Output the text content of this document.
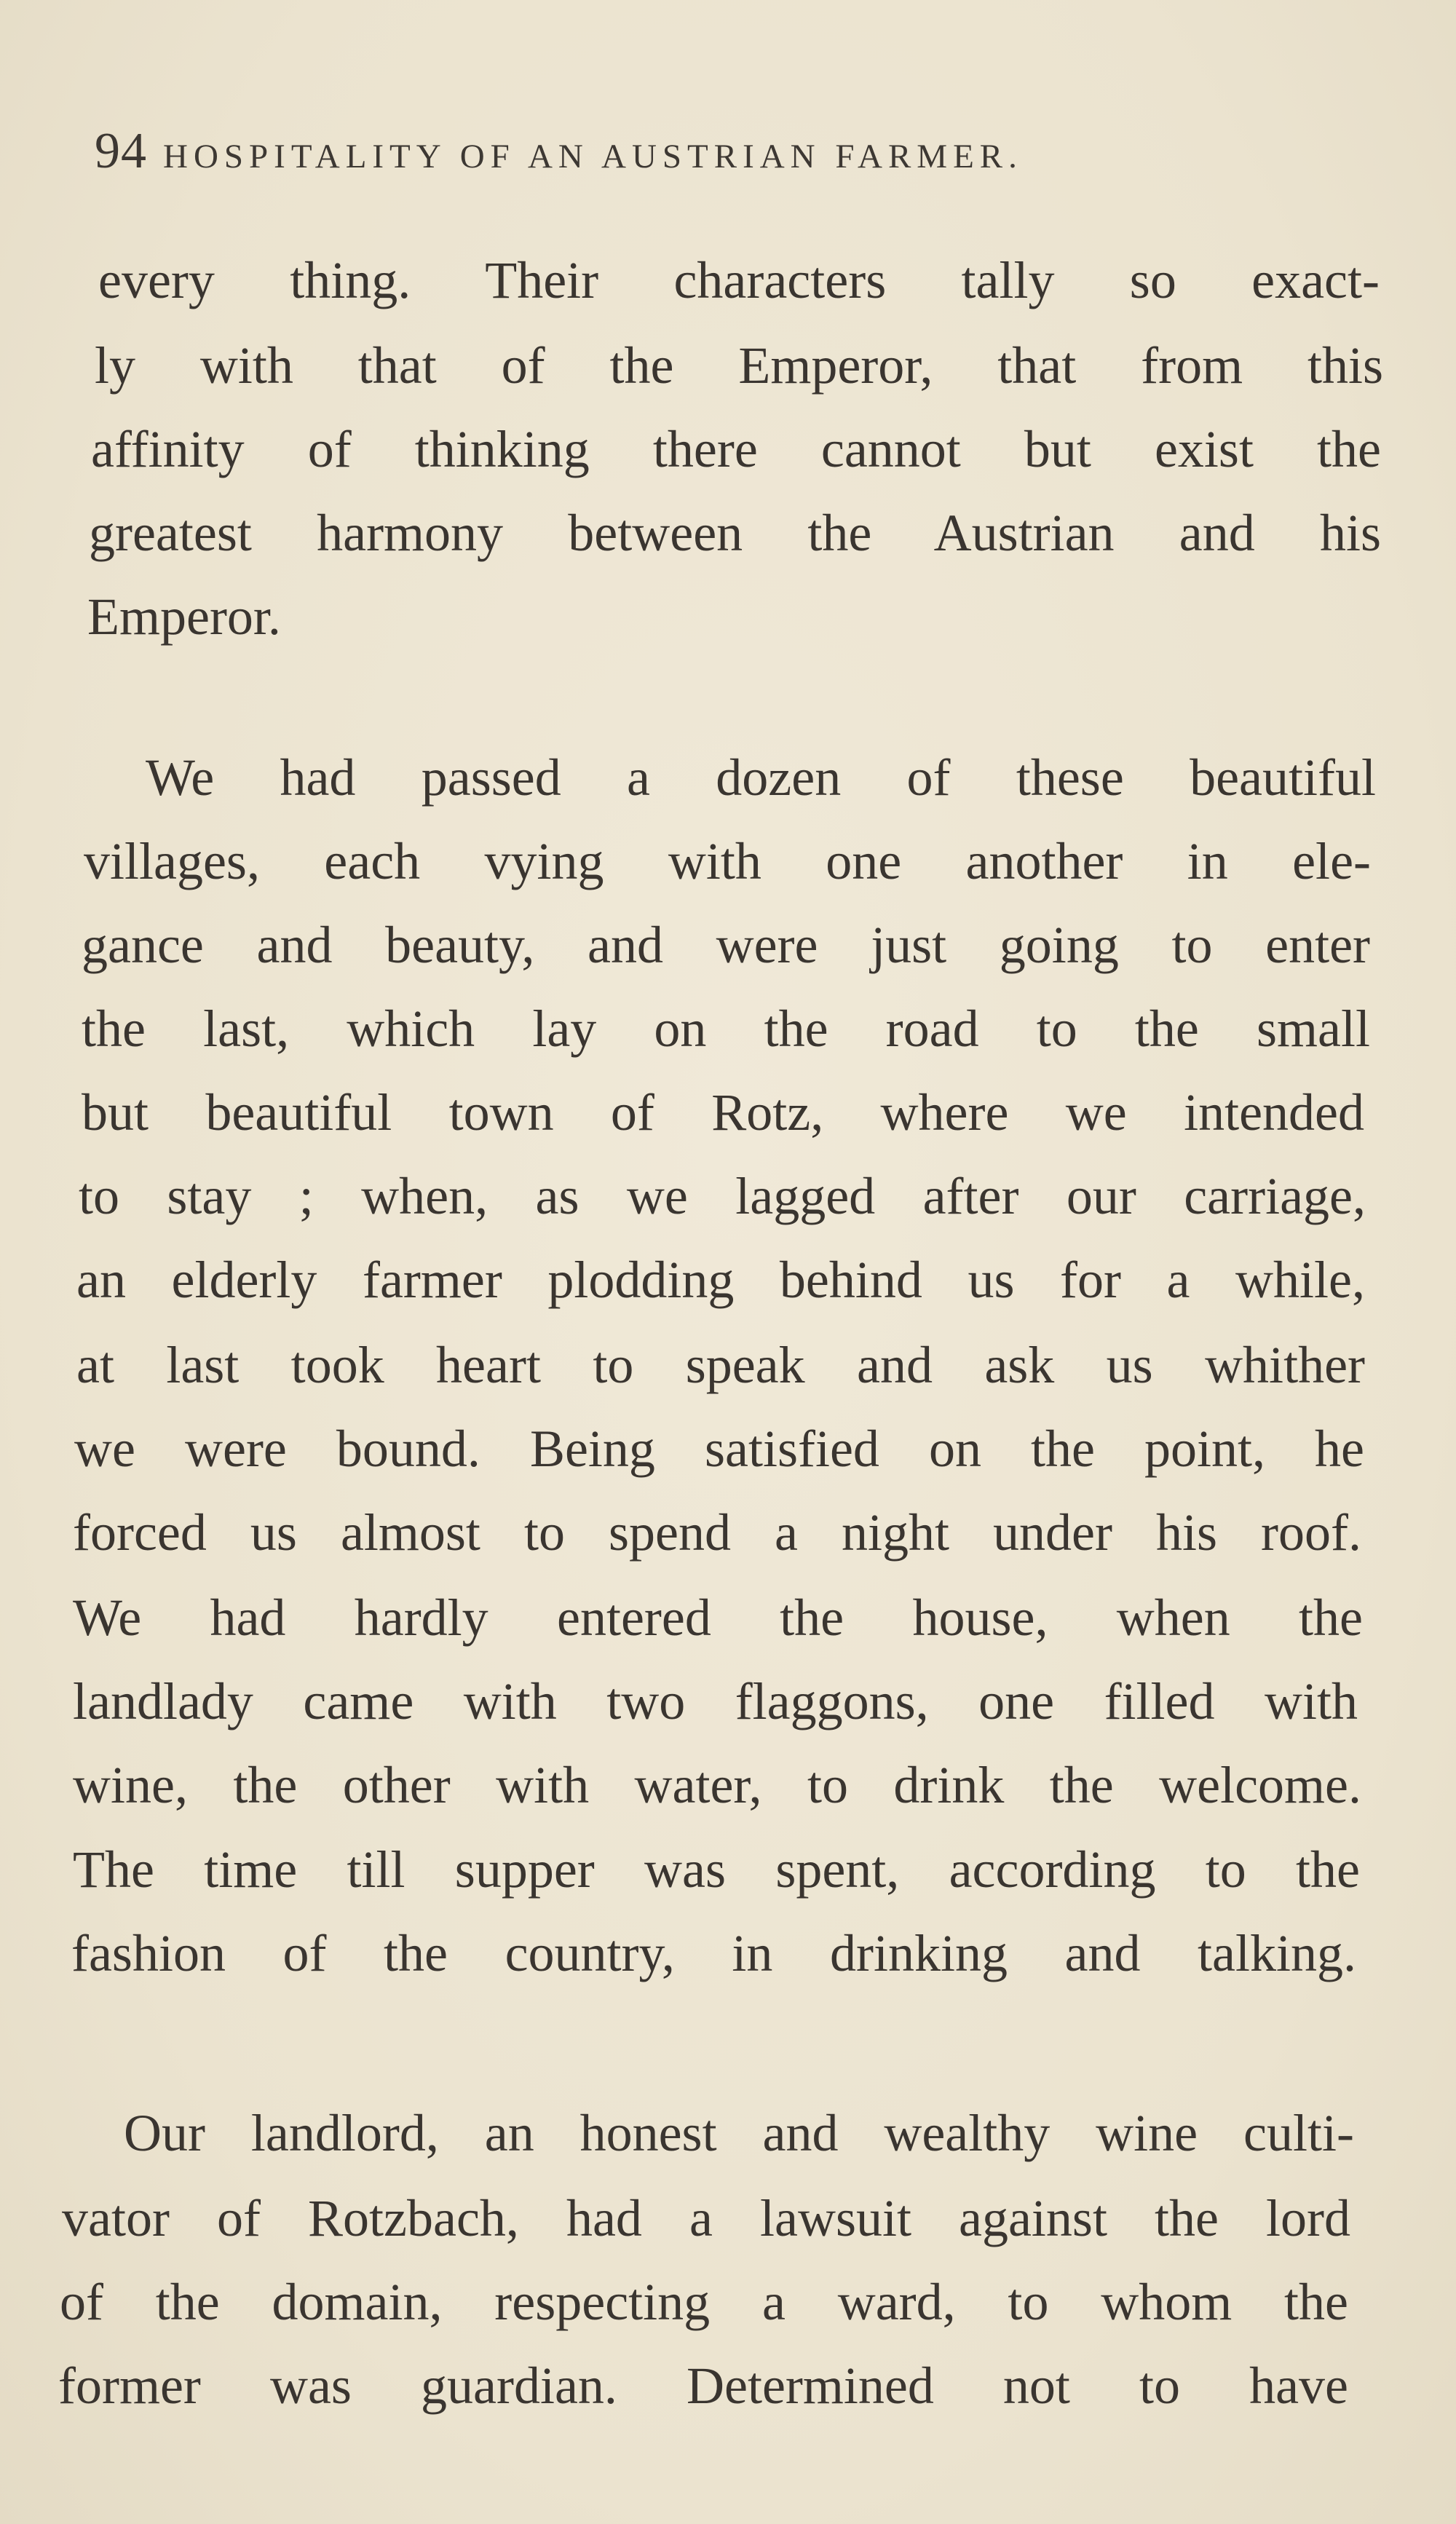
94 HOSPITALITY OF AN AUSTRIAN FARMER.
every thing. Their characters tally so exact-
ly with that of the Emperor, that from this
affinity of thinking there cannot but exist the
greatest harmony between the Austrian and his
Emperor.
We had passed a dozen of these beautiful
villages, each vying with one another in ele-
gance and beauty, and were just going to enter
the last, which lay on the road to the small
but beautiful town of Rotz, where we intended
to stay ; when, as we lagged after our carriage,
an elderly farmer plodding behind us for a while,
at last took heart to speak and ask us whither
we were bound. Being satisfied on the point, he
forced us almost to spend a night under his roof.
We had hardly entered the house, when the
landlady came with two flaggons, one filled with
wine, the other with water, to drink the welcome.
The time till supper was spent, according to the
fashion of the country, in drinking and talking.
Our landlord, an honest and wealthy wine culti-
vator of Rotzbach, had a lawsuit against the lord
of the domain, respecting a ward, to whom the
former was guardian. Determined not to have
